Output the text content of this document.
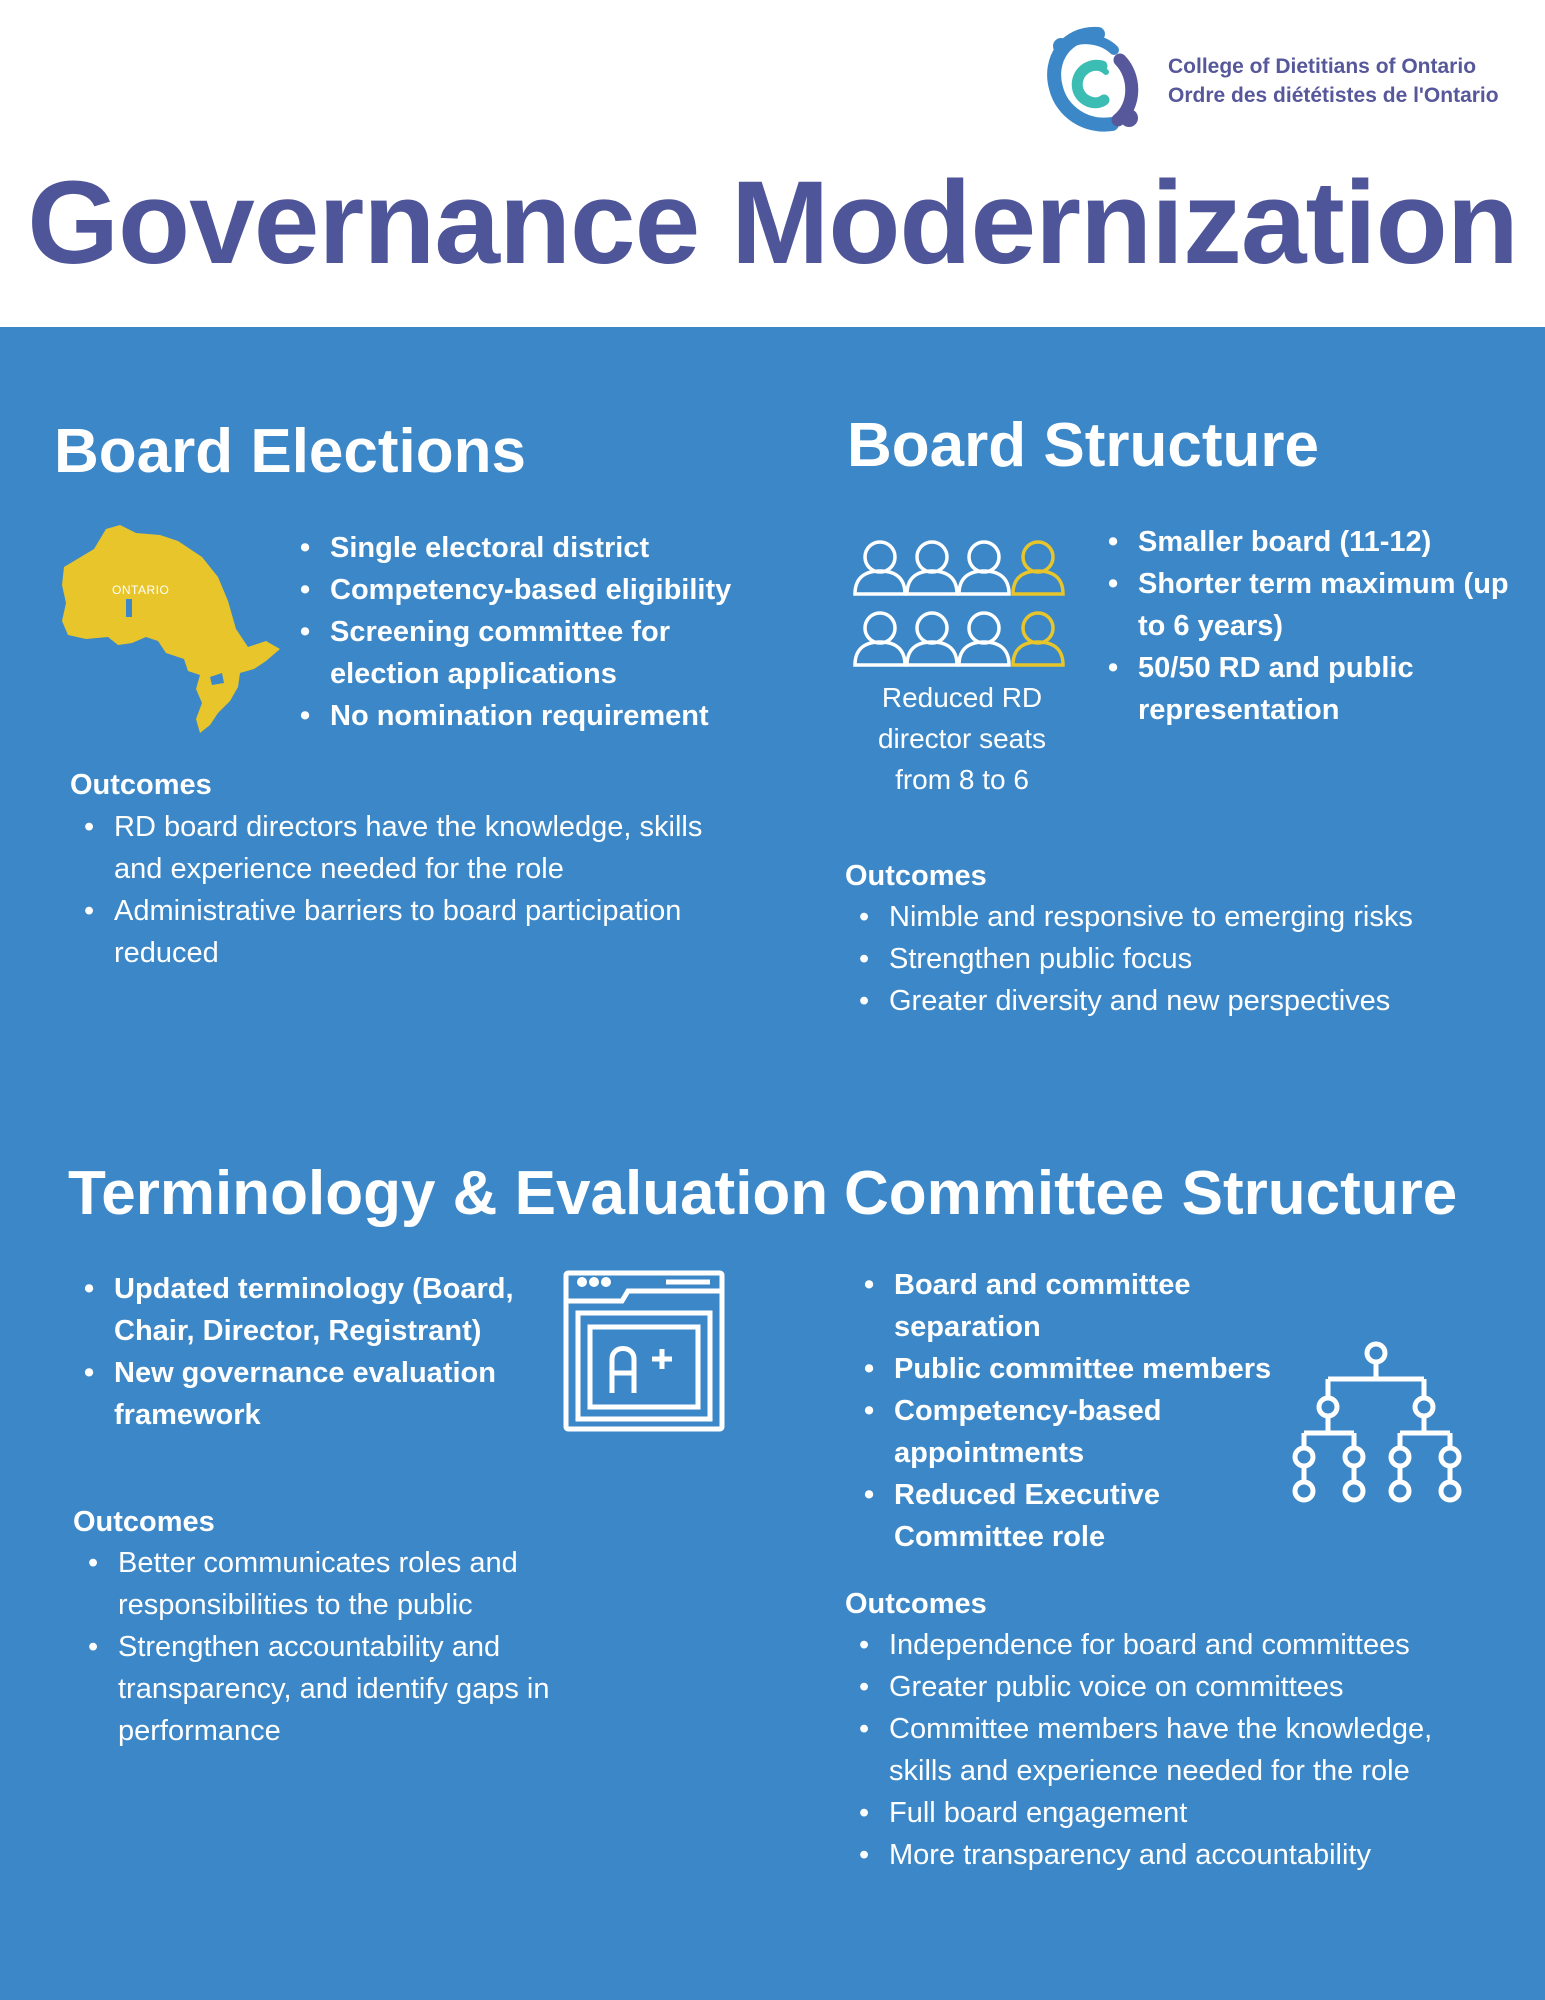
College of Dietitians of Ontario
Ordre des diététistes de l'Ontario
Governance Modernization
Board Elections
ONTARIO
• Single electoral district
• Competency-based eligibility
• Screening committee for election applications
• No nomination requirement
Outcomes
• RD board directors have the knowledge, skills and experience needed for the role
• Administrative barriers to board participation reduced
Board Structure
Reduced RD director seats from 8 to 6
• Smaller board (11-12)
• Shorter term maximum (up to 6 years)
• 50/50 RD and public representation
Outcomes
• Nimble and responsive to emerging risks
• Strengthen public focus
• Greater diversity and new perspectives
Terminology & Evaluation
• Updated terminology (Board, Chair, Director, Registrant)
• New governance evaluation framework
Outcomes
• Better communicates roles and responsibilities to the public
• Strengthen accountability and transparency, and identify gaps in performance
Committee Structure
• Board and committee separation
• Public committee members
• Competency-based appointments
• Reduced Executive Committee role
Outcomes
• Independence for board and committees
• Greater public voice on committees
• Committee members have the knowledge, skills and experience needed for the role
• Full board engagement
• More transparency and accountability
